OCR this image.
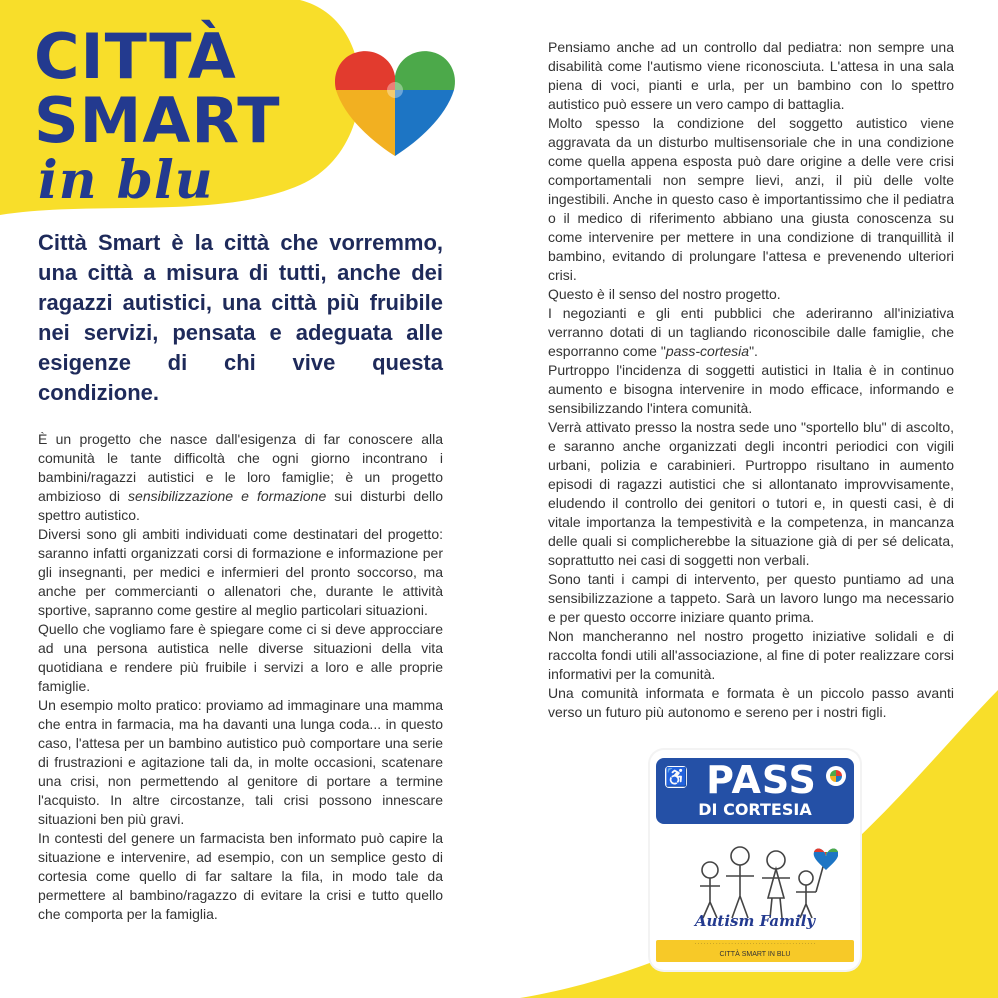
CITTÀ
SMART
in blu
Città Smart è la città che vorremmo, una città a misura di tutti, anche dei ragazzi autistici, una città più fruibile nei servizi, pensata e adeguata alle esigenze di chi vive questa condizione.

È un progetto che nasce dall'esigenza di far conoscere alla comunità le tante difficoltà che ogni giorno incontrano i bambini/ragazzi autistici e le loro famiglie; è un progetto ambizioso di sensibilizzazione e formazione sui disturbi dello spettro autistico.

Diversi sono gli ambiti individuati come destinatari del progetto: saranno infatti organizzati corsi di formazione e informazione per gli insegnanti, per medici e infermieri del pronto soccorso, ma anche per commercianti o allenatori che, durante le attività sportive, sapranno come gestire al meglio particolari situazioni.

Quello che vogliamo fare è spiegare come ci si deve approcciare ad una persona autistica nelle diverse situazioni della vita quotidiana e rendere più fruibile i servizi a loro e alle proprie famiglie.

Un esempio molto pratico: proviamo ad immaginare una mamma che entra in farmacia, ma ha davanti una lunga coda... in questo caso, l'attesa per un bambino autistico può comportare una serie di frustrazioni e agitazione tali da, in molte occasioni, scatenare una crisi, non permettendo al genitore di portare a termine l'acquisto. In altre circostanze, tali crisi possono innescare situazioni ben più gravi.

In contesti del genere un farmacista ben informato può capire la situazione e intervenire, ad esempio, con un semplice gesto di cortesia come quello di far saltare la fila, in modo tale da permettere al bambino/ragazzo di evitare la crisi e tutto quello che comporta per la famiglia.

Pensiamo anche ad un controllo dal pediatra: non sempre una disabilità come l'autismo viene riconosciuta. L'attesa in una sala piena di voci, pianti e urla, per un bambino con lo spettro autistico può essere un vero campo di battaglia.

Molto spesso la condizione del soggetto autistico viene aggravata da un disturbo multisensoriale che in una condizione come quella appena esposta può dare origine a delle vere crisi comportamentali non sempre lievi, anzi, il più delle volte ingestibili. Anche in questo caso è importantissimo che il pediatra o il medico di riferimento abbiano una giusta conoscenza su come intervenire per mettere in una condizione di tranquillità il bambino, evitando di prolungare l'attesa e prevenendo ulteriori crisi.

Questo è il senso del nostro progetto.

I negozianti e gli enti pubblici che aderiranno all'iniziativa verranno dotati di un tagliando riconoscibile dalle famiglie, che esporranno come "pass-cortesia".

Purtroppo l'incidenza di soggetti autistici in Italia è in continuo aumento e bisogna intervenire in modo efficace, informando e sensibilizzando l'intera comunità.

Verrà attivato presso la nostra sede uno "sportello blu" di ascolto, e saranno anche organizzati degli incontri periodici con vigili urbani, polizia e carabinieri. Purtroppo risultano in aumento episodi di ragazzi autistici che si allontanato improvvisamente, eludendo il controllo dei genitori o tutori e, in questi casi, è di vitale importanza la tempestività e la competenza, in mancanza delle quali si complicherebbe la situazione già di per sé delicata, soprattutto nei casi di soggetti non verbali.

Sono tanti i campi di intervento, per questo puntiamo ad una sensibilizzazione a tappeto. Sarà un lavoro lungo ma necessario e per questo occorre iniziare quanto prima.

Non mancheranno nel nostro progetto iniziative solidali e di raccolta fondi utili all'associazione, al fine di poter realizzare corsi informativi per la comunità.

Una comunità informata e formata è un piccolo passo avanti verso un futuro più autonomo e sereno per i nostri figli.

♿ PASS
DI CORTESIA
Autism Family
· · · · · · · · · · · · · · · · · · · · · · · · · · · · · · · · · · · · · · · ·
CITTÀ SMART IN BLU
